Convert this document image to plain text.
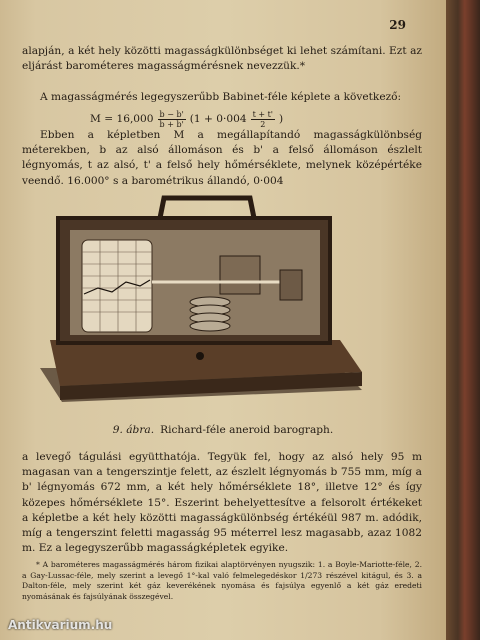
29

alapján, a két hely közötti magasságkülönbséget ki lehet számítani. Ezt az eljárást barométeres magasságmérésnek nevezzük.*

A magasságmérés legegyszerűbb Babinet-féle képlete a következő:

$M = 16,000 \frac{b - b'}{b + b'} (1 + 0\cdot 004 \frac{t + t'}{2}$ )

Ebben a képletben M a megállapítandó magasságkülönbség méterekben, b az alsó állomáson és b' a felső állomáson észlelt légnyomás, t az alsó, t' a felső hely hőmérséklete, melynek középértéke veendő. 16.000° s a barométrikus állandó, 0·004

9. ábra. Richard-féle aneroid barograph.

a levegő tágulási együtthatója. Tegyük fel, hogy az alsó hely 95 m magasan van a tengerszintje felett, az észlelt légnyomás b 755 mm, míg a b' légnyomás 672 mm, a két hely hőmérséklete 18°, illetve 12° és így közepes hőmérséklete 15°. Eszerint behelyettesítve a felsorolt értékeket a képletbe a két hely közötti magasságkülönbség értékéül 987 m. adódik, míg a tengerszint feletti magasság 95 méterrel lesz magasabb, azaz 1082 m. Ez a legegyszerűbb magasságképletek egyike.

* A barométeres magasságmérés három fizikai alaptörvényen nyugszik: 1. a Boyle-Mariotte-féle, 2. a Gay-Lussac-féle, mely szerint a levegő 1°-kal való felmelegedéskor 1/273 részével kitágul, és 3. a Dalton-féle, mely szerint két gáz keverékének nyomása és fajsúlya egyenlő a két gáz eredeti nyomásának és fajsúlyának összegével.
Antikvarium.hu
